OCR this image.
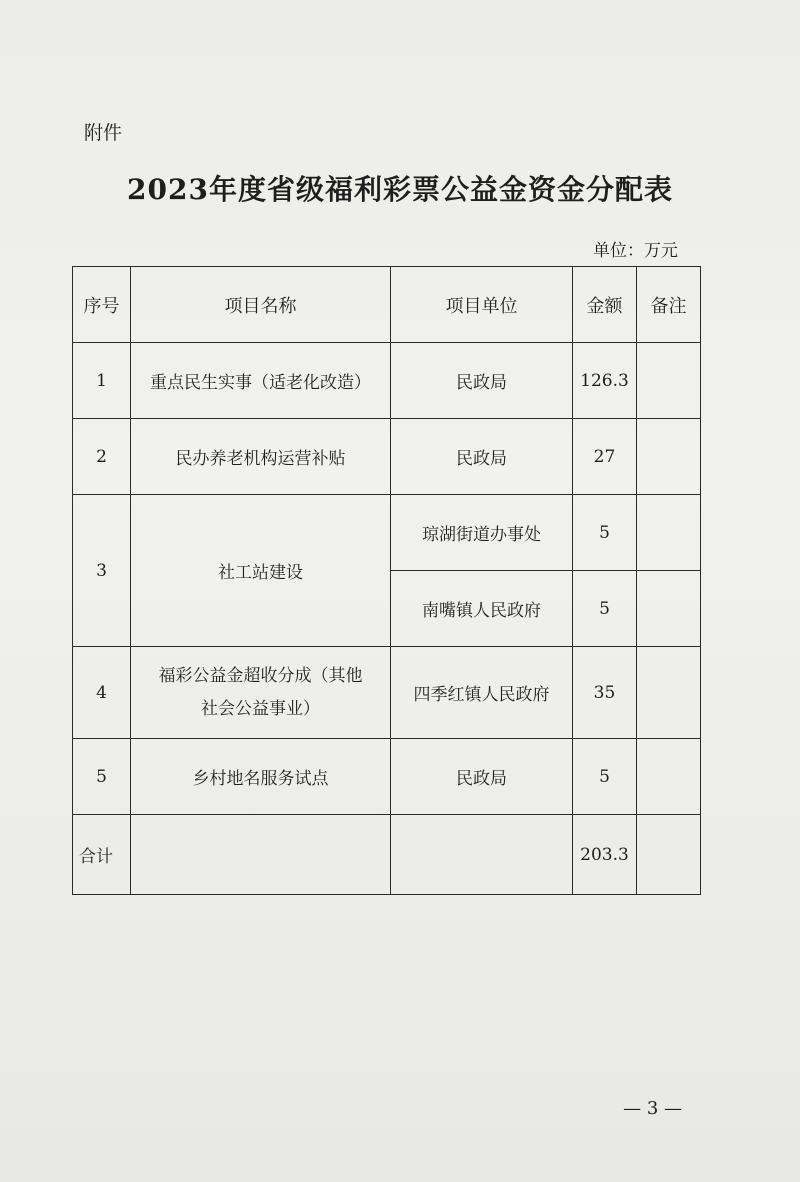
附件
2023年度省级福利彩票公益金资金分配表
单位：万元
序号	项目名称	项目单位	金额	备注
1	重点民生实事（适老化改造）	民政局	126.3	
2	民办养老机构运营补贴	民政局	27	
3	社工站建设	琼湖街道办事处	5	
		南嘴镇人民政府	5	
4	福彩公益金超收分成（其他
社会公益事业）	四季红镇人民政府	35	
5	乡村地名服务试点	民政局	5	
合计			203.3	
— 3 —
